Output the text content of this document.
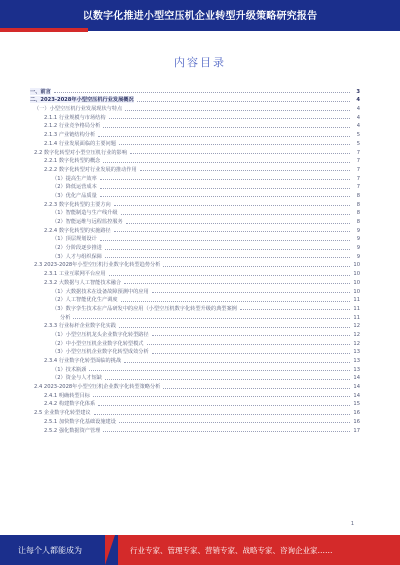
以数字化推进小型空压机企业转型升级策略研究报告
内容目录
一、前言	3
二、2023-2028年小型空压机行业发展概况	4
（一）小型空压机行业发展现状与特点	4
2.1.1 行业规模与市场结构	4
2.1.2 行业竞争格局分析	4
2.1.3 产业链结构分析	5
2.1.4 行业发展面临的主要问题	5
2.2 数字化转型对小型空压机行业的影响	7
2.2.1 数字化转型的概念	7
2.2.2 数字化转型对行业发展的推动作用	7
（1）提高生产效率	7
（2）降低运营成本	7
（3）优化产品质量	8
2.2.3 数字化转型的主要方向	8
（1）智能制造与生产线升级	8
（2）智能运维与远程监控服务	8
2.2.4 数字化转型的实施路径	9
（1）顶层规划设计	9
（2）分阶段逐步推进	9
（3）人才与组织保障	9
2.3 2023-2028年小型空压机行业数字化转型趋势分析	10
2.3.1 工业互联网平台应用	10
2.3.2 大数据与人工智能技术融合	10
（1）大数据技术在设备故障预测中的应用	10
（2）人工智能优化生产调度	11
（3）数字孪生技术在产品研发中的应用（小型空压机数字化转型升级的典型案例	11
分析	11
2.3.3 行业标杆企业数字化实践	12
（1）小型空压机龙头企业数字化转型路径	12
（2）中小型空压机企业数字化转型模式	12
（3）小型空压机企业数字化转型成效分析	13
2.3.4 行业数字化转型面临的挑战	13
（1）技术瓶颈	13
（2）资金与人才短缺	14
2.4 2023-2028年小型空压机企业数字化转型策略分析	14
2.4.1 明确转型目标	14
2.4.2 构建数字化体系	15
2.5 企业数字化转型建议	16
2.5.1 加快数字化基础设施建设	16
2.5.2 强化数据资产管理	17
1
让每个人都能成为	行业专家、管理专家、营销专家、战略专家、咨询企业家……
